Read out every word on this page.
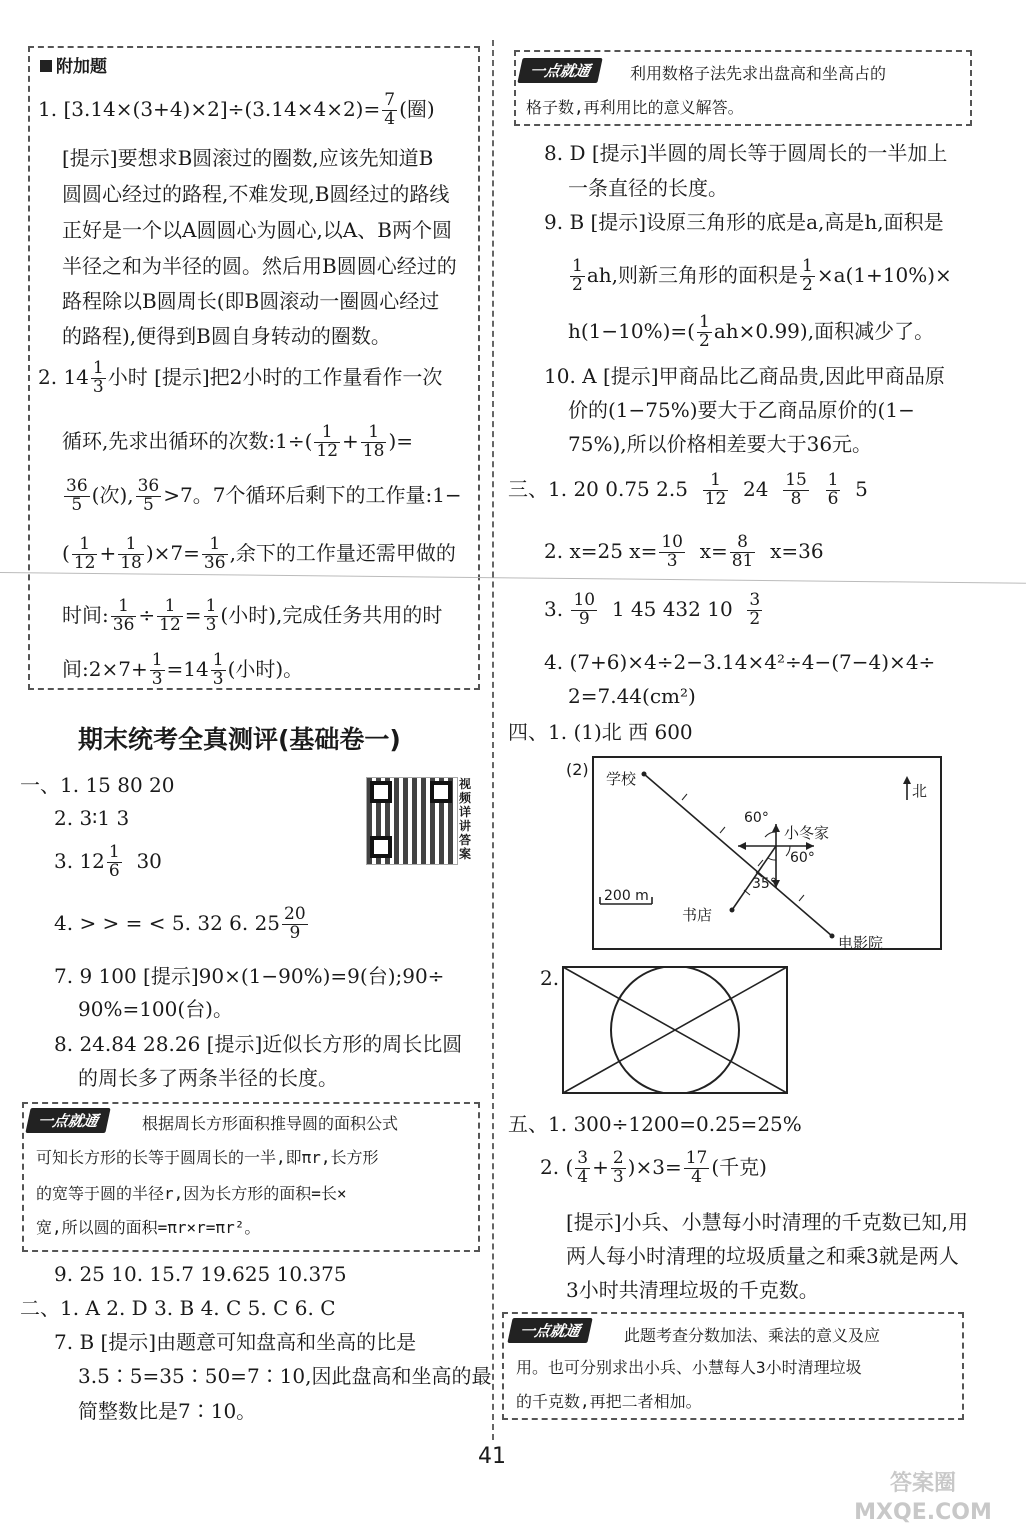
附加题
1. $[3.14\times(3+4)\times 2]\div(3.14\times 4\times 2)= \frac{7}{4}$ (圈)
[提示]要想求B圆滚过的圈数,应该先知道B
圆圆心经过的路程,不难发现,B圆经过的路线
正好是一个以A圆圆心为圆心,以A、B两个圆
半径之和为半径的圆。然后用B圆圆心经过的
路程除以B圆周长(即B圆滚动一圈圆心经过
的路程),便得到B圆自身转动的圈数。
2. $14 \frac{1}{3}$ 小时 [提示]把2小时的工作量看作一次
循环,先求出循环的次数:1÷( $\frac{1}{12} + \frac{1}{18}$ )=
$\frac{36}{5}$ (次), $\frac{36}{5} >7$。7个循环后剩下的工作量:1−
( $\frac{1}{12} + \frac{1}{18} )\times 7= \frac{1}{36}$ ,余下的工作量还需甲做的
时间: $\frac{1}{36} \div \frac{1}{12} = \frac{1}{3}$ (小时),完成任务共用的时
间:2×7+ $\frac{1}{3} =14 \frac{1}{3}$ (小时)。
期末统考全真测评(基础卷一)
视频详讲答案
一、1. 15 80 20
2. 3∶1 3
3. $12 \frac{1}{6} 30$
4. > > = < 5. 32 6. $25 \frac{20}{9}$
7. 9 100 [提示]90×(1−90%)=9(台);90÷
90%=100(台)。
8. 24.84 28.26 [提示]近似长方形的周长比圆
的周长多了两条半径的长度。
一点就通	根据周长方形面积推导圆的面积公式
可知长方形的长等于圆周长的一半,即πr,长方形
的宽等于圆的半径r,因为长方形的面积=长×
宽,所以圆的面积=πr×r=πr²。
9. 25 10. 15.7 19.625 10.375
二、1. A 2. D 3. B 4. C 5. C 6. C
7. B [提示]由题意可知盘高和坐高的比是
3.5∶5=35∶50=7∶10,因此盘高和坐高的最
简整数比是7∶10。
一点就通	利用数格子法先求出盘高和坐高占的
格子数,再利用比的意义解答。
8. D [提示]半圆的周长等于圆周长的一半加上
一条直径的长度。
9. B [提示]设原三角形的底是a,高是h,面积是
$\frac{1}{2}$ ah,则新三角形的面积是 $\frac{1}{2} \times a(1+10\%)\times$
$h(1-10\%)=( \frac{1}{2} ah\times 0.99)$,面积减少了。
10. A [提示]甲商品比乙商品贵,因此甲商品原
价的(1−75%)要大于乙商品原价的(1−
75%),所以价格相差要大于36元。
三、1. 20 0.75 $2.5 \frac{1}{12} 24 \frac{15}{8}$
$\frac{1}{6} 5$
2. x=25 $x= \frac{10}{3} x= \frac{8}{81} x=36$
3. $\frac{10}{9} 1$ 45 432 $10 \frac{3}{2}$
4. (7+6)×4÷2−3.14×4²÷4−(7−4)×4÷
2=7.44(cm²)
四、1. (1)北 西 600
(2) 学校
小冬家
北
200 m
书店
电影院
60°
60°
35°
2.
五、1. 300÷1200=0.25=25%
2. ( $\frac{3}{4} + \frac{2}{3} )\times 3= \frac{17}{4}$ (千克)
[提示]小兵、小慧每小时清理的千克数已知,用
两人每小时清理的垃圾质量之和乘3就是两人
3小时共清理垃圾的千克数。
一点就通	此题考查分数加法、乘法的意义及应
用。也可分别求出小兵、小慧每人3小时清理垃圾
的千克数,再把二者相加。
41
答案圈 MXQE.COM
